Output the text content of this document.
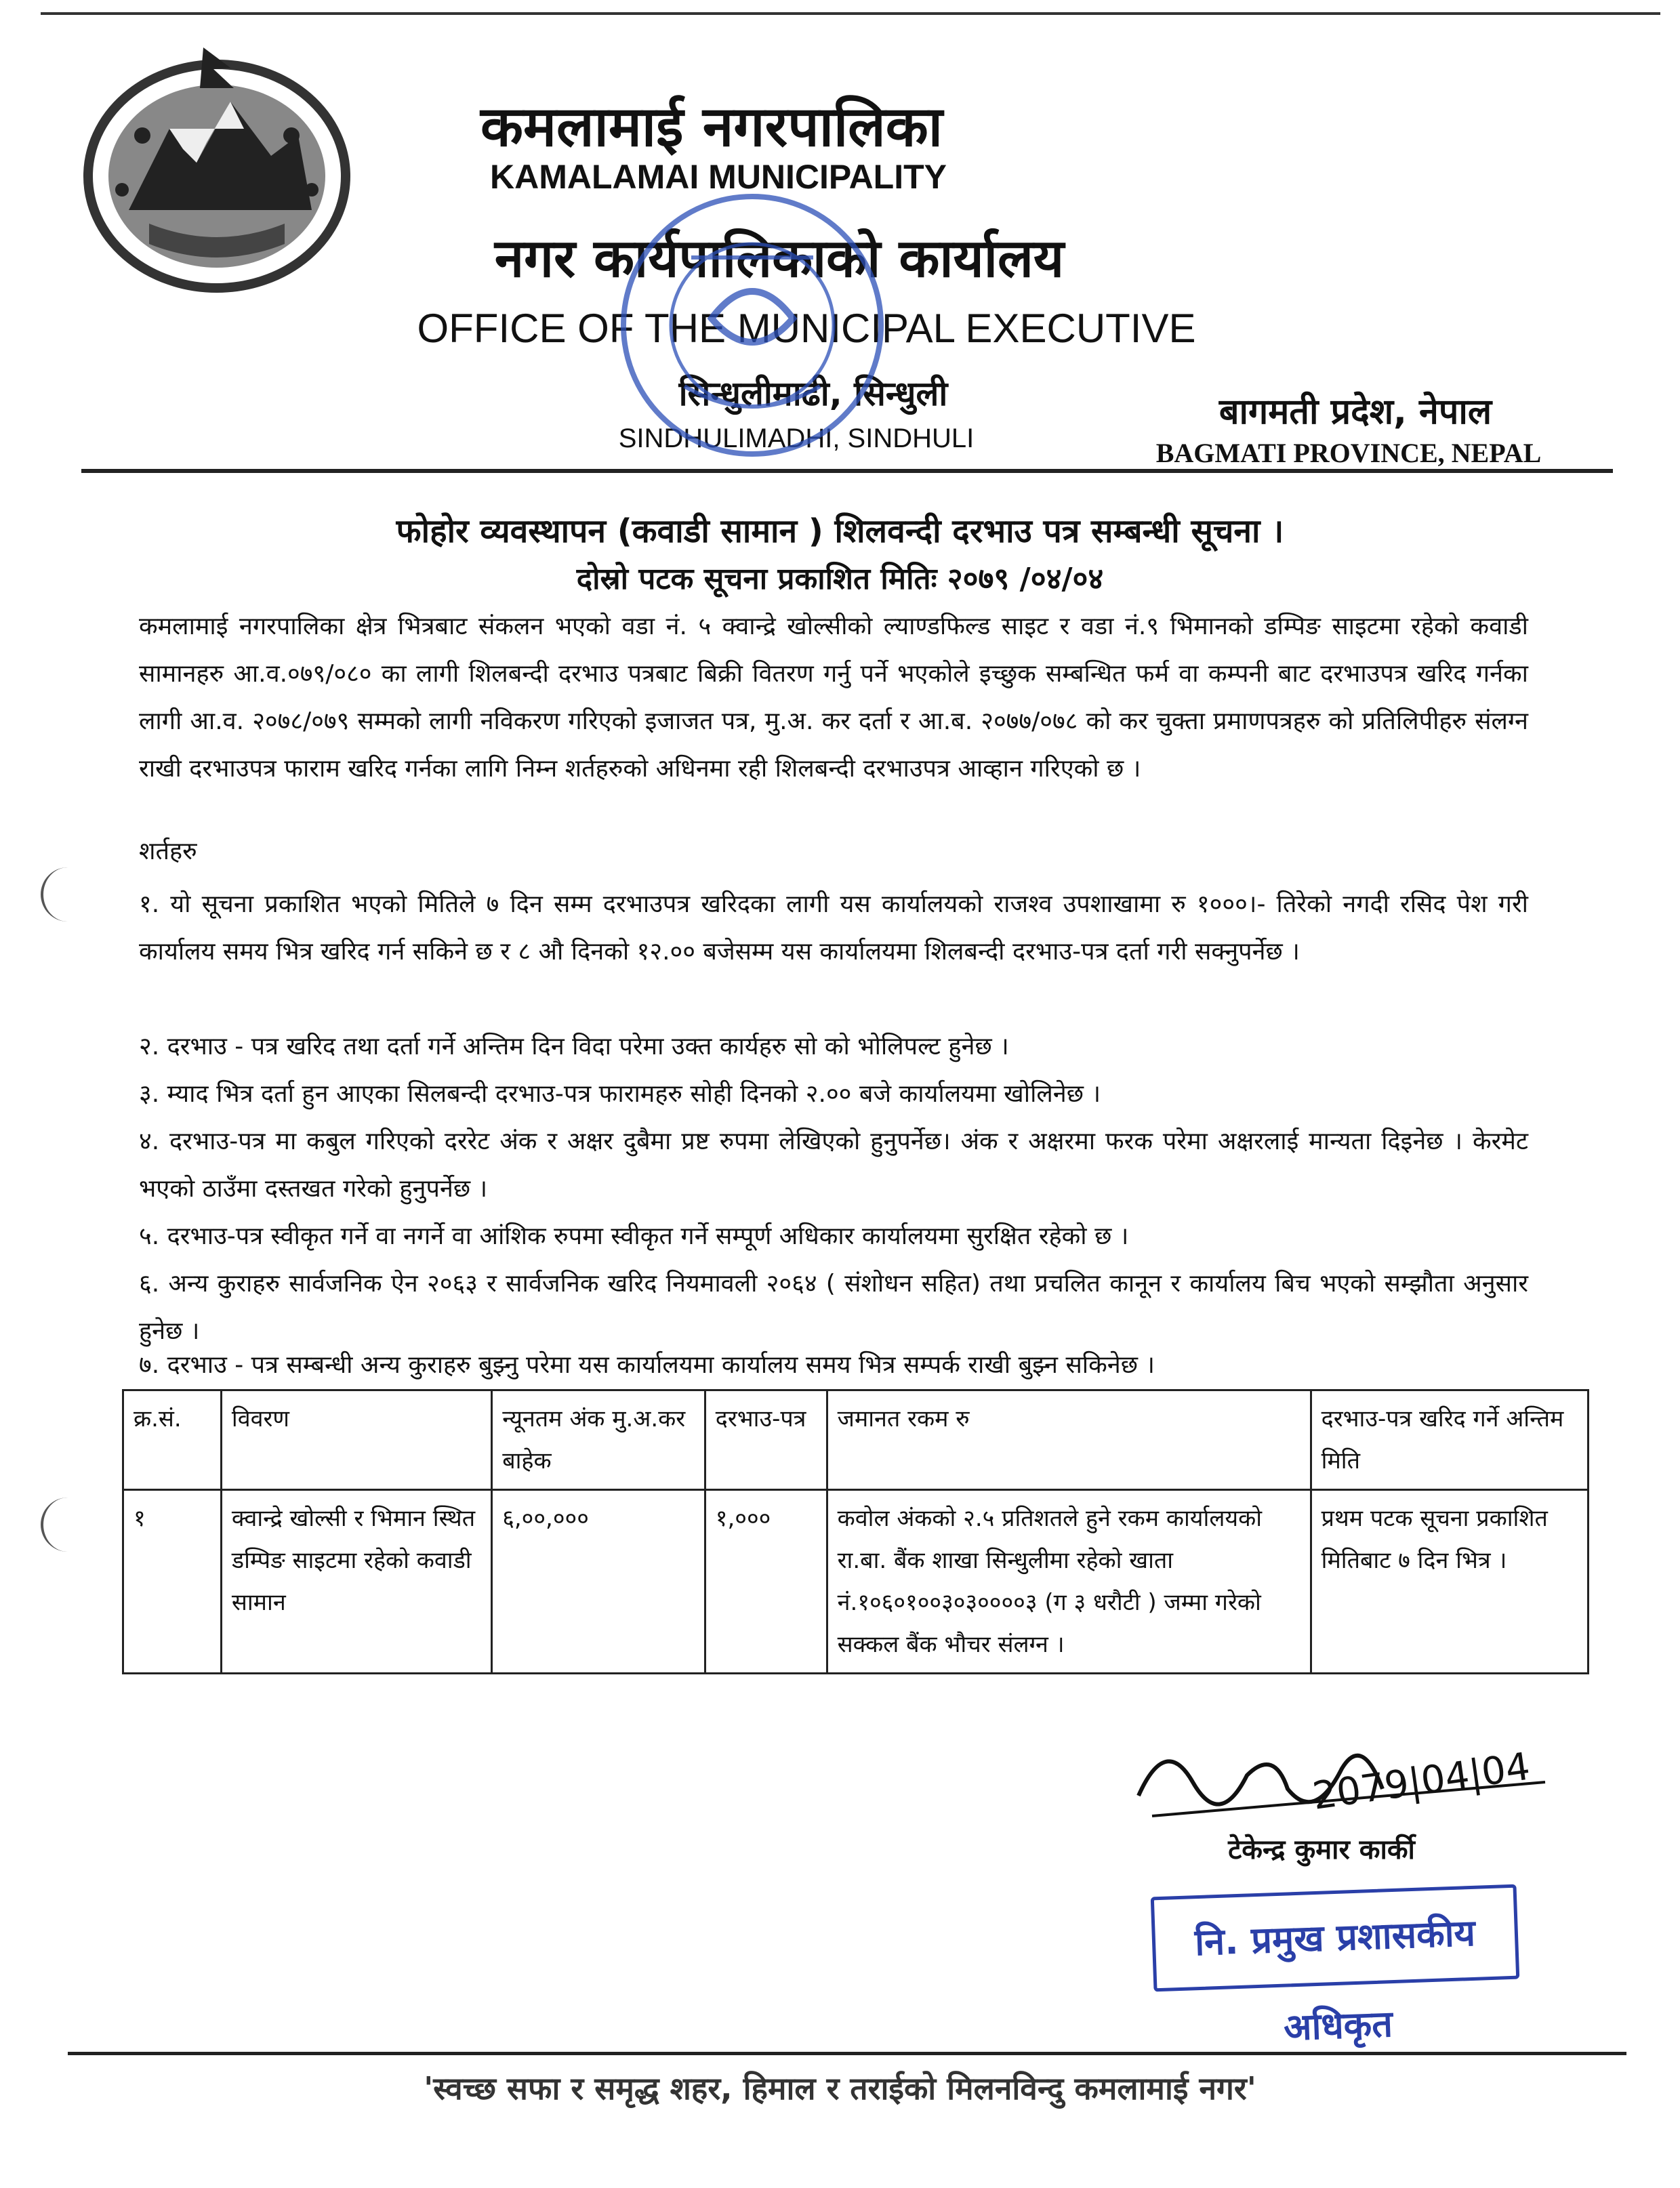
कमलामाई नगरपालिका
KAMALAMAI MUNICIPALITY
नगर कार्यपालिकाको कार्यालय
OFFICE OF THE MUNICIPAL EXECUTIVE
सिन्धुलीमाढी, सिन्धुली
SINDHULIMADHI, SINDHULI
बागमती प्रदेश, नेपाल
BAGMATI PROVINCE, NEPAL
फोहोर व्यवस्थापन (कवाडी सामान ) शिलवन्दी दरभाउ पत्र सम्बन्धी सूचना ।
दोस्रो पटक सूचना प्रकाशित मितिः २०७९ /०४/०४
कमलामाई नगरपालिका क्षेत्र भित्रबाट संकलन भएको वडा नं. ५ क्वान्द्रे खोल्सीको ल्याण्डफिल्ड साइट र वडा नं.९ भिमानको डम्पिङ साइटमा रहेको कवाडी सामानहरु आ.व.०७९/०८० का लागी शिलबन्दी दरभाउ पत्रबाट बिक्री वितरण गर्नु पर्ने भएकोले इच्छुक सम्बन्धित फर्म वा कम्पनी बाट दरभाउपत्र खरिद गर्नका लागी आ.व. २०७८/०७९ सम्मको लागी नविकरण गरिएको इजाजत पत्र, मु.अ. कर दर्ता र आ.ब. २०७७/०७८ को कर चुक्ता प्रमाणपत्रहरु को प्रतिलिपीहरु संलग्न राखी दरभाउपत्र फाराम खरिद गर्नका लागि निम्न शर्तहरुको अधिनमा रही शिलबन्दी दरभाउपत्र आव्हान गरिएको छ ।
शर्तहरु
१. यो सूचना प्रकाशित भएको मितिले ७ दिन सम्म दरभाउपत्र खरिदका लागी यस कार्यालयको राजश्व उपशाखामा रु १०००।- तिरेको नगदी रसिद पेश गरी कार्यालय समय भित्र खरिद गर्न सकिने छ र ८ औ दिनको १२.०० बजेसम्म यस कार्यालयमा शिलबन्दी दरभाउ-पत्र दर्ता गरी सक्नुपर्नेछ ।
२. दरभाउ - पत्र खरिद तथा दर्ता गर्ने अन्तिम दिन विदा परेमा उक्त कार्यहरु सो को भोलिपल्ट हुनेछ ।
३. म्याद भित्र दर्ता हुन आएका सिलबन्दी दरभाउ-पत्र फारामहरु सोही दिनको २.०० बजे कार्यालयमा खोलिनेछ ।
४. दरभाउ-पत्र मा कबुल गरिएको दररेट अंक र अक्षर दुबैमा प्रष्ट रुपमा लेखिएको हुनुपर्नेछ। अंक र अक्षरमा फरक परेमा अक्षरलाई मान्यता दिइनेछ । केरमेट भएको ठाउँमा दस्तखत गरेको हुनुपर्नेछ ।
५. दरभाउ-पत्र स्वीकृत गर्ने वा नगर्ने वा आंशिक रुपमा स्वीकृत गर्ने सम्पूर्ण अधिकार कार्यालयमा सुरक्षित रहेको छ ।
६. अन्य कुराहरु सार्वजनिक ऐन २०६३ र सार्वजनिक खरिद नियमावली २०६४ ( संशोधन सहित) तथा प्रचलित कानून र कार्यालय बिच भएको सम्झौता अनुसार हुनेछ ।
७. दरभाउ - पत्र सम्बन्धी अन्य कुराहरु बुझ्नु परेमा यस कार्यालयमा कार्यालय समय भित्र सम्पर्क राखी बुझ्न सकिनेछ ।
क्र.सं.	विवरण	न्यूनतम अंक मु.अ.कर बाहेक	दरभाउ-पत्र	जमानत रकम रु	दरभाउ-पत्र खरिद गर्ने अन्तिम मिति
१	क्वान्द्रे खोल्सी र भिमान स्थित डम्पिङ साइटमा रहेको कवाडी सामान	६,००,०००	१,०००	कवोल अंकको २.५ प्रतिशतले हुने रकम कार्यालयको रा.बा. बैंक शाखा सिन्धुलीमा रहेको खाता नं.१०६०१००३०३००००३ (ग ३ धरौटी ) जम्मा गरेको सक्कल बैंक भौचर संलग्न ।	प्रथम पटक सूचना प्रकाशित मितिबाट ७ दिन भित्र ।
2079|04|04
टेकेन्द्र कुमार कार्की
नि. प्रमुख प्रशासकीय अधिकृत
'स्वच्छ सफा र समृद्ध शहर, हिमाल र तराईको मिलनविन्दु कमलामाई नगर'
